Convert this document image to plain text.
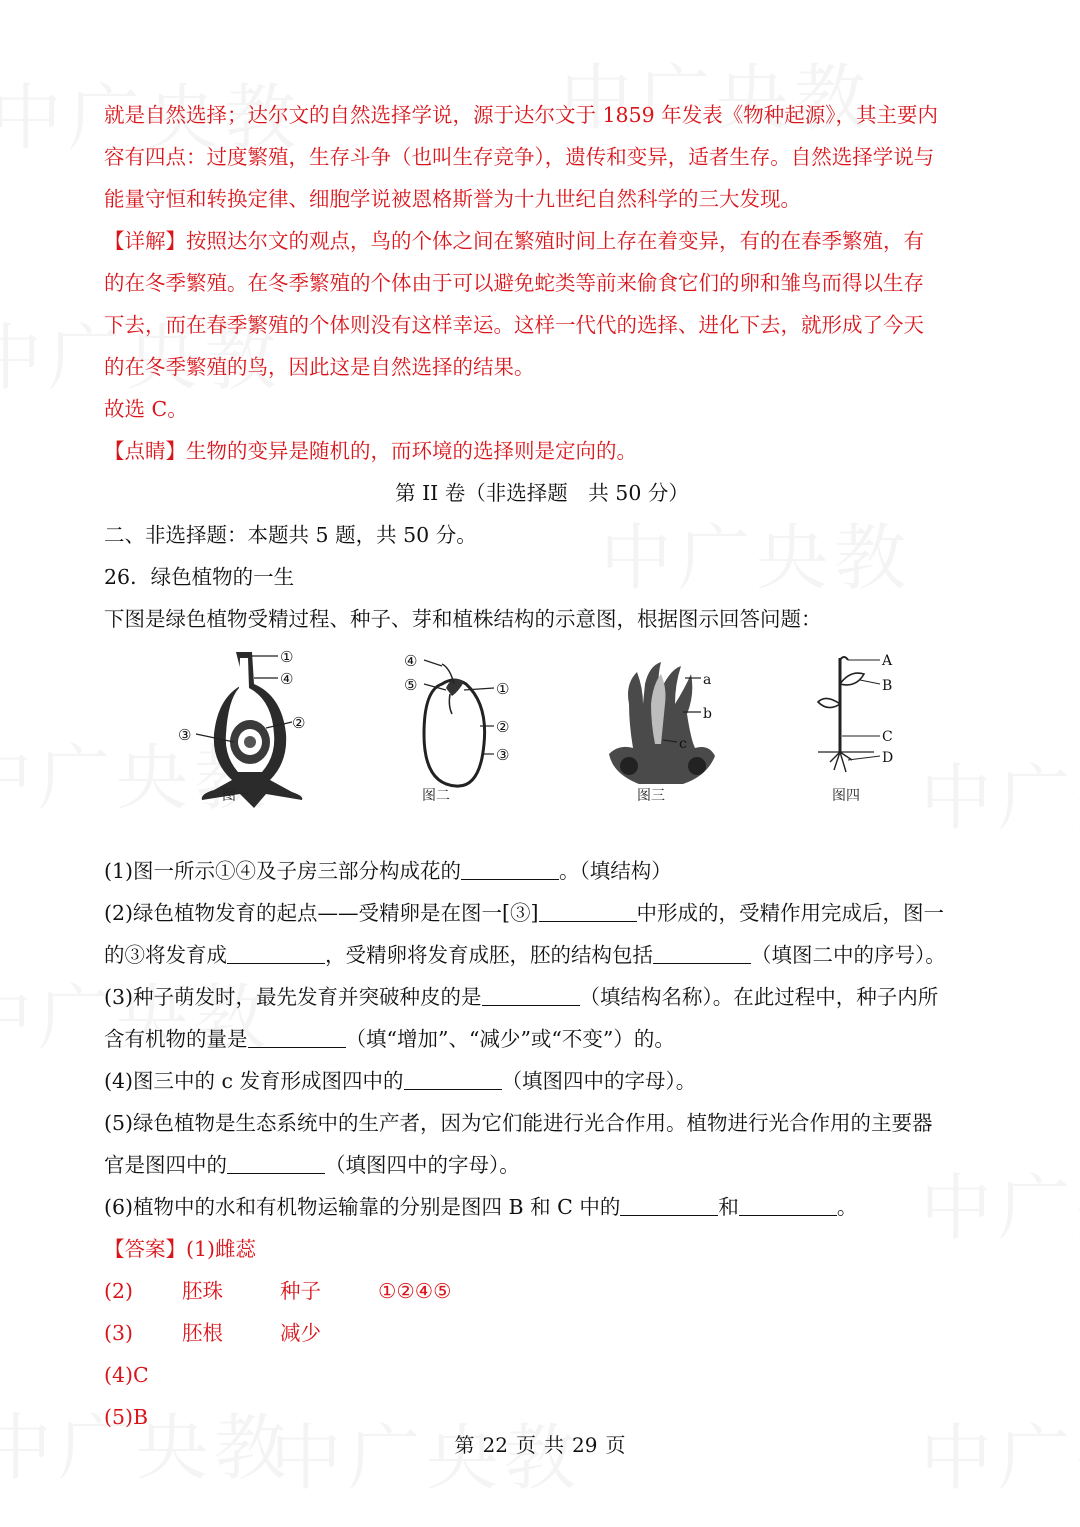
就是自然选择；达尔文的自然选择学说，源于达尔文于 1859 年发表《物种起源》，其主要内
容有四点：过度繁殖，生存斗争（也叫生存竞争），遗传和变异，适者生存。自然选择学说与
能量守恒和转换定律、细胞学说被恩格斯誉为十九世纪自然科学的三大发现。
【详解】按照达尔文的观点，鸟的个体之间在繁殖时间上存在着变异，有的在春季繁殖，有
的在冬季繁殖。在冬季繁殖的个体由于可以避免蛇类等前来偷食它们的卵和雏鸟而得以生存
下去，而在春季繁殖的个体则没有这样幸运。这样一代代的选择、进化下去，就形成了今天
的在冬季繁殖的鸟，因此这是自然选择的结果。
故选 C。
【点睛】生物的变异是随机的，而环境的选择则是定向的。
第 II 卷（非选择题　共 50 分）
二、非选择题：本题共 5 题，共 50 分。
26．绿色植物的一生
下图是绿色植物受精过程、种子、芽和植株结构的示意图，根据图示回答问题：
①
④
③
②
图一
④
⑤	①
②
③
图二
a
b
c
图三
A
B
C
D
图四
(1)图一所示①④及子房三部分构成花的	。（填结构）
(2)绿色植物发育的起点——受精卵是在图一[③]	中形成的，受精作用完成后，图一
的③将发育成	，受精卵将发育成胚，胚的结构包括	（填图二中的序号）。
(3)种子萌发时，最先发育并突破种皮的是	（填结构名称）。在此过程中，种子内所
含有机物的量是	（填“增加”、“减少”或“不变”）的。
(4)图三中的 c 发育形成图四中的	（填图四中的字母）。
(5)绿色植物是生态系统中的生产者，因为它们能进行光合作用。植物进行光合作用的主要器
官是图四中的	（填图四中的字母）。
(6)植物中的水和有机物运输靠的分别是图四 B 和 C 中的	和	。
【答案】(1)雌蕊
(2) 胚珠	种子	①②④⑤
(3) 胚根	减少
(4)C
(5)B
第 22 页 共 29 页
